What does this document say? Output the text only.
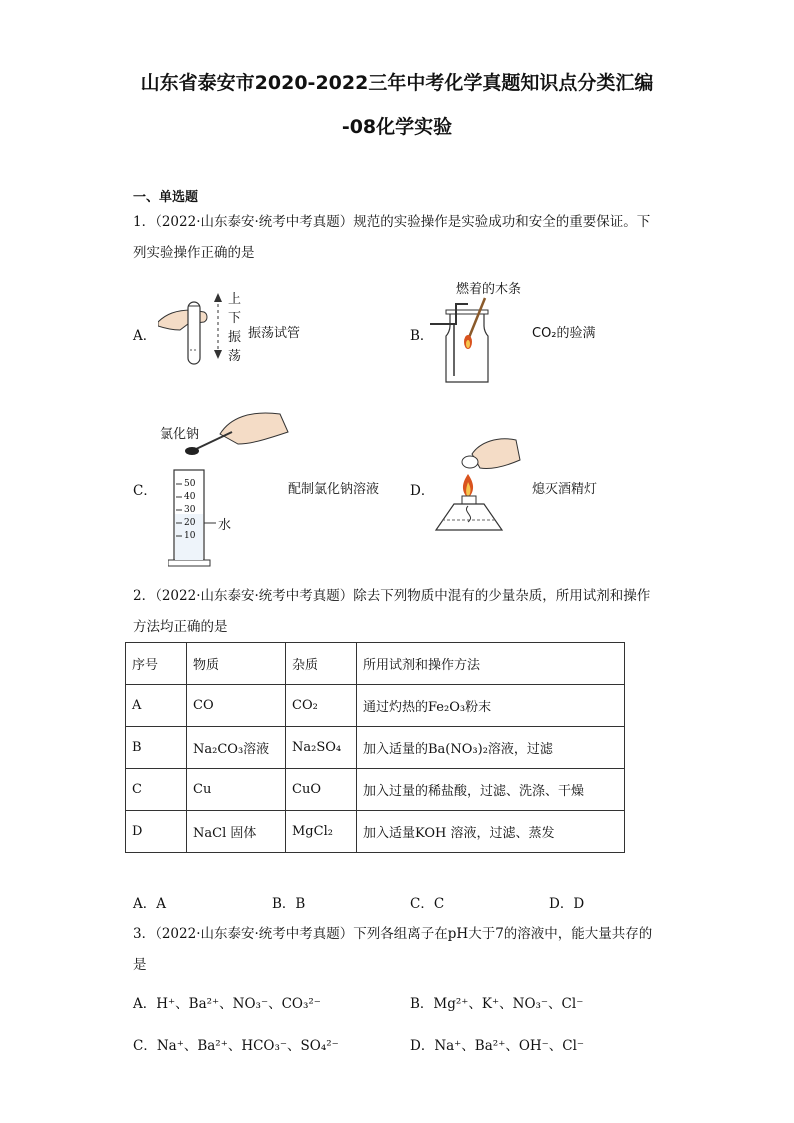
山东省泰安市2020-2022三年中考化学真题知识点分类汇编
-08化学实验
一、单选题
1．（2022·山东泰安·统考中考真题）规范的实验操作是实验成功和安全的重要保证。下列实验操作正确的是
A．
上下振荡
振荡试管	B．
燃着的木条
CO₂的验满
C．
氯化钠
50
40
30
20
10
水
配制氯化钠溶液 D．	熄灭酒精灯
2．（2022·山东泰安·统考中考真题）除去下列物质中混有的少量杂质，所用试剂和操作方法均正确的是
序号	物质	杂质	所用试剂和操作方法
A	CO	CO₂	通过灼热的Fe₂O₃粉末
B	Na₂CO₃溶液	Na₂SO₄	加入适量的Ba(NO₃)₂溶液，过滤
C	Cu	CuO	加入过量的稀盐酸，过滤、洗涤、干燥
D	NaCl 固体	MgCl₂	加入适量KOH 溶液，过滤、蒸发
A．A	B．B	C．C	D．D
3．（2022·山东泰安·统考中考真题）下列各组离子在pH大于7的溶液中，能大量共存的是
A．H⁺、Ba²⁺、NO₃⁻、CO₃²⁻	B．Mg²⁺、K⁺、NO₃⁻、Cl⁻
C．Na⁺、Ba²⁺、HCO₃⁻、SO₄²⁻	D．Na⁺、Ba²⁺、OH⁻、Cl⁻
